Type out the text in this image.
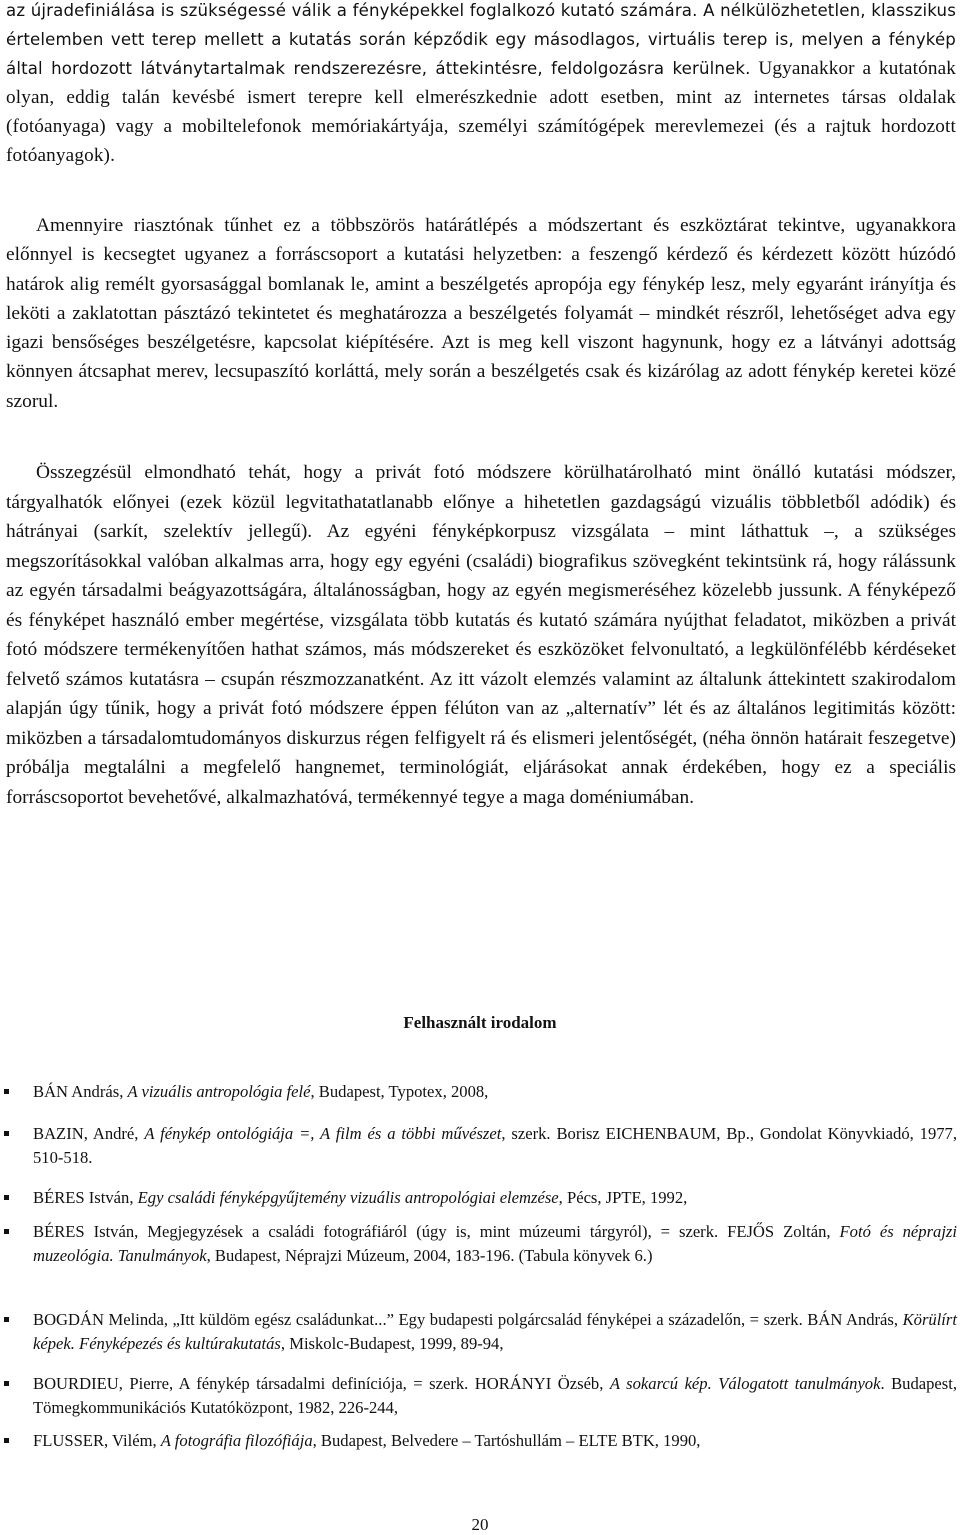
az újradefiniálása is szükségessé válik a fényképekkel foglalkozó kutató számára. A nélkülözhetetlen, klasszikus értelemben vett terep mellett a kutatás során képződik egy másodlagos, virtuális terep is, melyen a fénykép által hordozott látványtartalmak rendszerezésre, áttekintésre, feldolgozásra kerülnek. Ugyanakkor a kutatónak olyan, eddig talán kevésbé ismert terepre kell elmerészkednie adott esetben, mint az internetes társas oldalak (fotóanyaga) vagy a mobiltelefonok memóriakártyája, személyi számítógépek merevlemezei (és a rajtuk hordozott fotóanyagok).

Amennyire riasztónak tűnhet ez a többszörös határátlépés a módszertant és eszköztárat tekintve, ugyanakkora előnnyel is kecsegtet ugyanez a forráscsoport a kutatási helyzetben: a feszengő kérdező és kérdezett között húzódó határok alig remélt gyorsasággal bomlanak le, amint a beszélgetés apropója egy fénykép lesz, mely egyaránt irányítja és leköti a zaklatottan pásztázó tekintetet és meghatározza a beszélgetés folyamát – mindkét részről, lehetőséget adva egy igazi bensőséges beszélgetésre, kapcsolat kiépítésére. Azt is meg kell viszont hagynunk, hogy ez a látványi adottság könnyen átcsaphat merev, lecsupaszító korláttá, mely során a beszélgetés csak és kizárólag az adott fénykép keretei közé szorul.

Összegzésül elmondható tehát, hogy a privát fotó módszere körülhatárolható mint önálló kutatási módszer, tárgyalhatók előnyei (ezek közül legvitathatatlanabb előnye a hihetetlen gazdagságú vizuális többletből adódik) és hátrányai (sarkít, szelektív jellegű). Az egyéni fényképkorpusz vizsgálata – mint láthattuk –, a szükséges megszorításokkal valóban alkalmas arra, hogy egy egyéni (családi) biografikus szövegként tekintsünk rá, hogy rálássunk az egyén társadalmi beágyazottságára, általánosságban, hogy az egyén megismeréséhez közelebb jussunk. A fényképező és fényképet használó ember megértése, vizsgálata több kutatás és kutató számára nyújthat feladatot, miközben a privát fotó módszere termékenyítően hathat számos, más módszereket és eszközöket felvonultató, a legkülönfélébb kérdéseket felvető számos kutatásra – csupán részmozzanatként. Az itt vázolt elemzés valamint az általunk áttekintett szakirodalom alapján úgy tűnik, hogy a privát fotó módszere éppen félúton van az „alternatív” lét és az általános legitimitás között: miközben a társadalomtudományos diskurzus régen felfigyelt rá és elismeri jelentőségét, (néha önnön határait feszegetve) próbálja megtalálni a megfelelő hangnemet, terminológiát, eljárásokat annak érdekében, hogy ez a speciális forráscsoportot bevehetővé, alkalmazhatóvá, termékennyé tegye a maga doméniumában.

Felhasznált irodalom
BÁN András, A vizuális antropológia felé, Budapest, Typotex, 2008,
BAZIN, André, A fénykép ontológiája =, A film és a többi művészet, szerk. Borisz EICHENBAUM, Bp., Gondolat Könyvkiadó, 1977, 510-518.
BÉRES István, Egy családi fényképgyűjtemény vizuális antropológiai elemzése, Pécs, JPTE, 1992,
BÉRES István, Megjegyzések a családi fotográfiáról (úgy is, mint múzeumi tárgyról), = szerk. FEJŐS Zoltán, Fotó és néprajzi muzeológia. Tanulmányok, Budapest, Néprajzi Múzeum, 2004, 183-196. (Tabula könyvek 6.)
BOGDÁN Melinda, „Itt küldöm egész családunkat...” Egy budapesti polgárcsalád fényképei a századelőn, = szerk. BÁN András, Körülírt képek. Fényképezés és kultúrakutatás, Miskolc-Budapest, 1999, 89-94,
BOURDIEU, Pierre, A fénykép társadalmi definíciója, = szerk. HORÁNYI Özséb, A sokarcú kép. Válogatott tanulmányok. Budapest, Tömegkommunikációs Kutatóközpont, 1982, 226-244,
FLUSSER, Vilém, A fotográfia filozófiája, Budapest, Belvedere – Tartóshullám – ELTE BTK, 1990,
20
